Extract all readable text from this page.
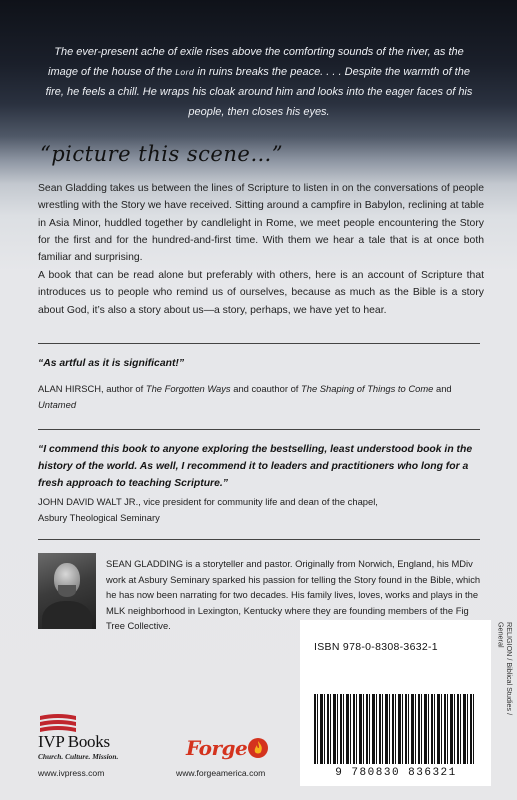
The ever-present ache of exile rises above the comforting sounds of the river, as the image of the house of the Lord in ruins breaks the peace. . . . Despite the warmth of the fire, he feels a chill. He wraps his cloak around him and looks into the eager faces of his people, then closes his eyes.

“picture this scene…”

Sean Gladding takes us between the lines of Scripture to listen in on the conversations of people wrestling with the Story we have received. Sitting around a campfire in Babylon, reclining at table in Asia Minor, huddled together by candlelight in Rome, we meet people encountering the Story for the first and for the hundred-and-first time. With them we hear a tale that is at once both familiar and surprising.

A book that can be read alone but preferably with others, here is an account of Scripture that introduces us to people who remind us of ourselves, because as much as the Bible is a story about God, it’s also a story about us—a story, perhaps, we have yet to hear.

“As artful as it is significant!”

ALAN HIRSCH, author of The Forgotten Ways and coauthor of The Shaping of Things to Come and
Untamed

“I commend this book to anyone exploring the bestselling, least understood book in the history of the world. As well, I recommend it to leaders and practitioners who long for a fresh approach to teaching Scripture.”

JOHN DAVID WALT JR., vice president for community life and dean of the chapel,
Asbury Theological Seminary

SEAN GLADDING is a storyteller and pastor. Originally from Norwich, England, his MDiv work at Asbury Seminary sparked his passion for telling the Story found in the Bible, which he has now been narrating for two decades. His family lives, loves, works and plays in the MLK neighborhood in Lexington, Kentucky where they are founding members of the Fig Tree Collective.

ISBN 978-0-8308-3632-1

9 780830 836321

RELIGION / Biblical Studies /
General

IVP Books

Church. Culture. Mission.

www.ivpress.com

Forge

www.forgeamerica.com
